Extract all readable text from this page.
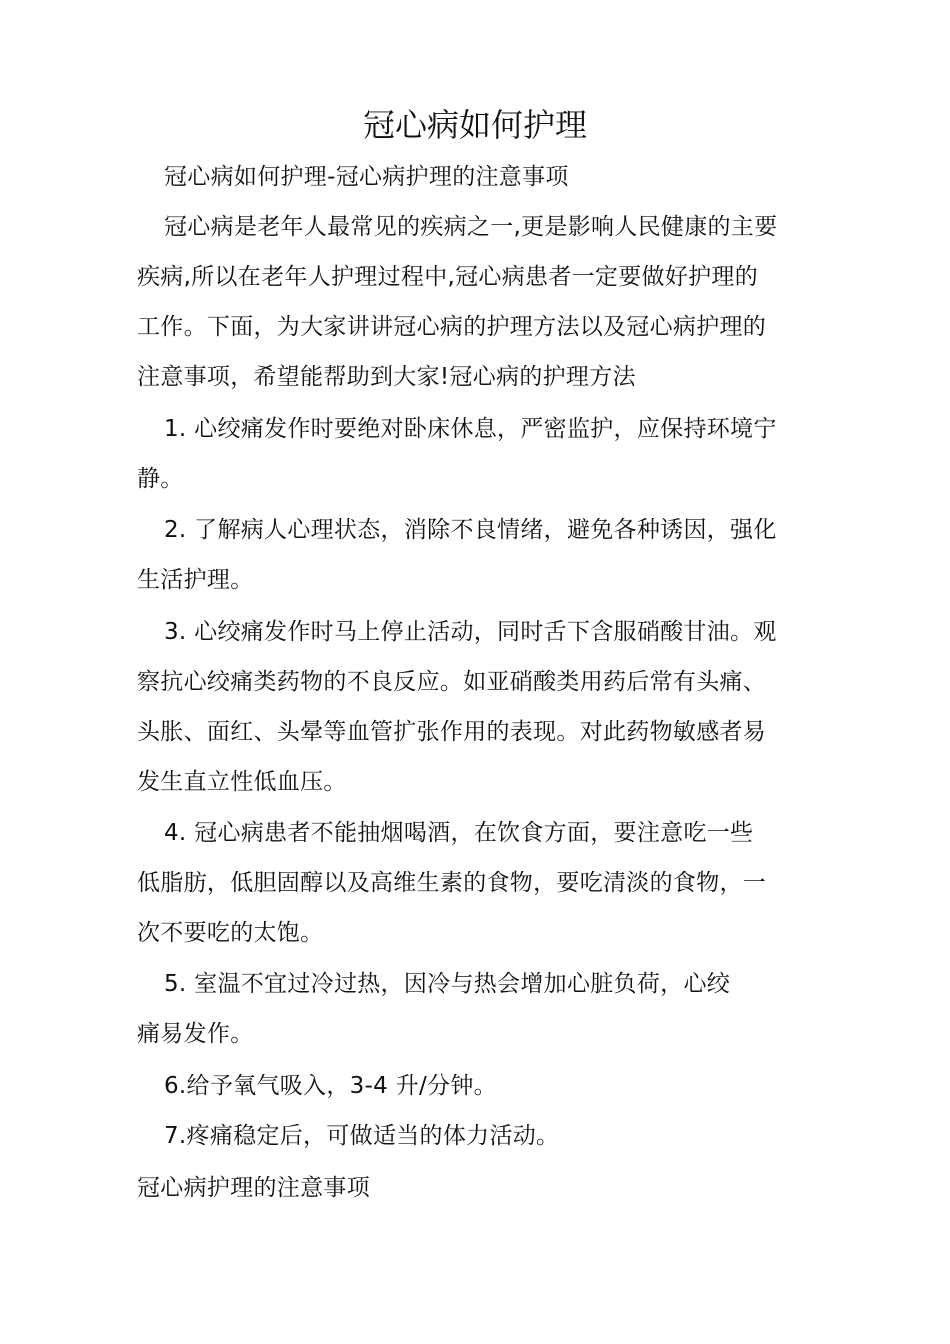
冠心病如何护理
冠心病如何护理-冠心病护理的注意事项
冠心病是老年人最常见的疾病之一,更是影响人民健康的主要
疾病,所以在老年人护理过程中,冠心病患者一定要做好护理的
工作。下面，为大家讲讲冠心病的护理方法以及冠心病护理的
注意事项，希望能帮助到大家!冠心病的护理方法
1. 心绞痛发作时要绝对卧床休息，严密监护，应保持环境宁
静。
2. 了解病人心理状态，消除不良情绪，避免各种诱因，强化
生活护理。
3. 心绞痛发作时马上停止活动，同时舌下含服硝酸甘油。观
察抗心绞痛类药物的不良反应。如亚硝酸类用药后常有头痛、
头胀、面红、头晕等血管扩张作用的表现。对此药物敏感者易
发生直立性低血压。
4. 冠心病患者不能抽烟喝酒，在饮食方面，要注意吃一些
低脂肪，低胆固醇以及高维生素的食物，要吃清淡的食物，一
次不要吃的太饱。
5. 室温不宜过冷过热，因冷与热会增加心脏负荷，心绞
痛易发作。
6.给予氧气吸入，3-4 升/分钟。
7.疼痛稳定后，可做适当的体力活动。
冠心病护理的注意事项
